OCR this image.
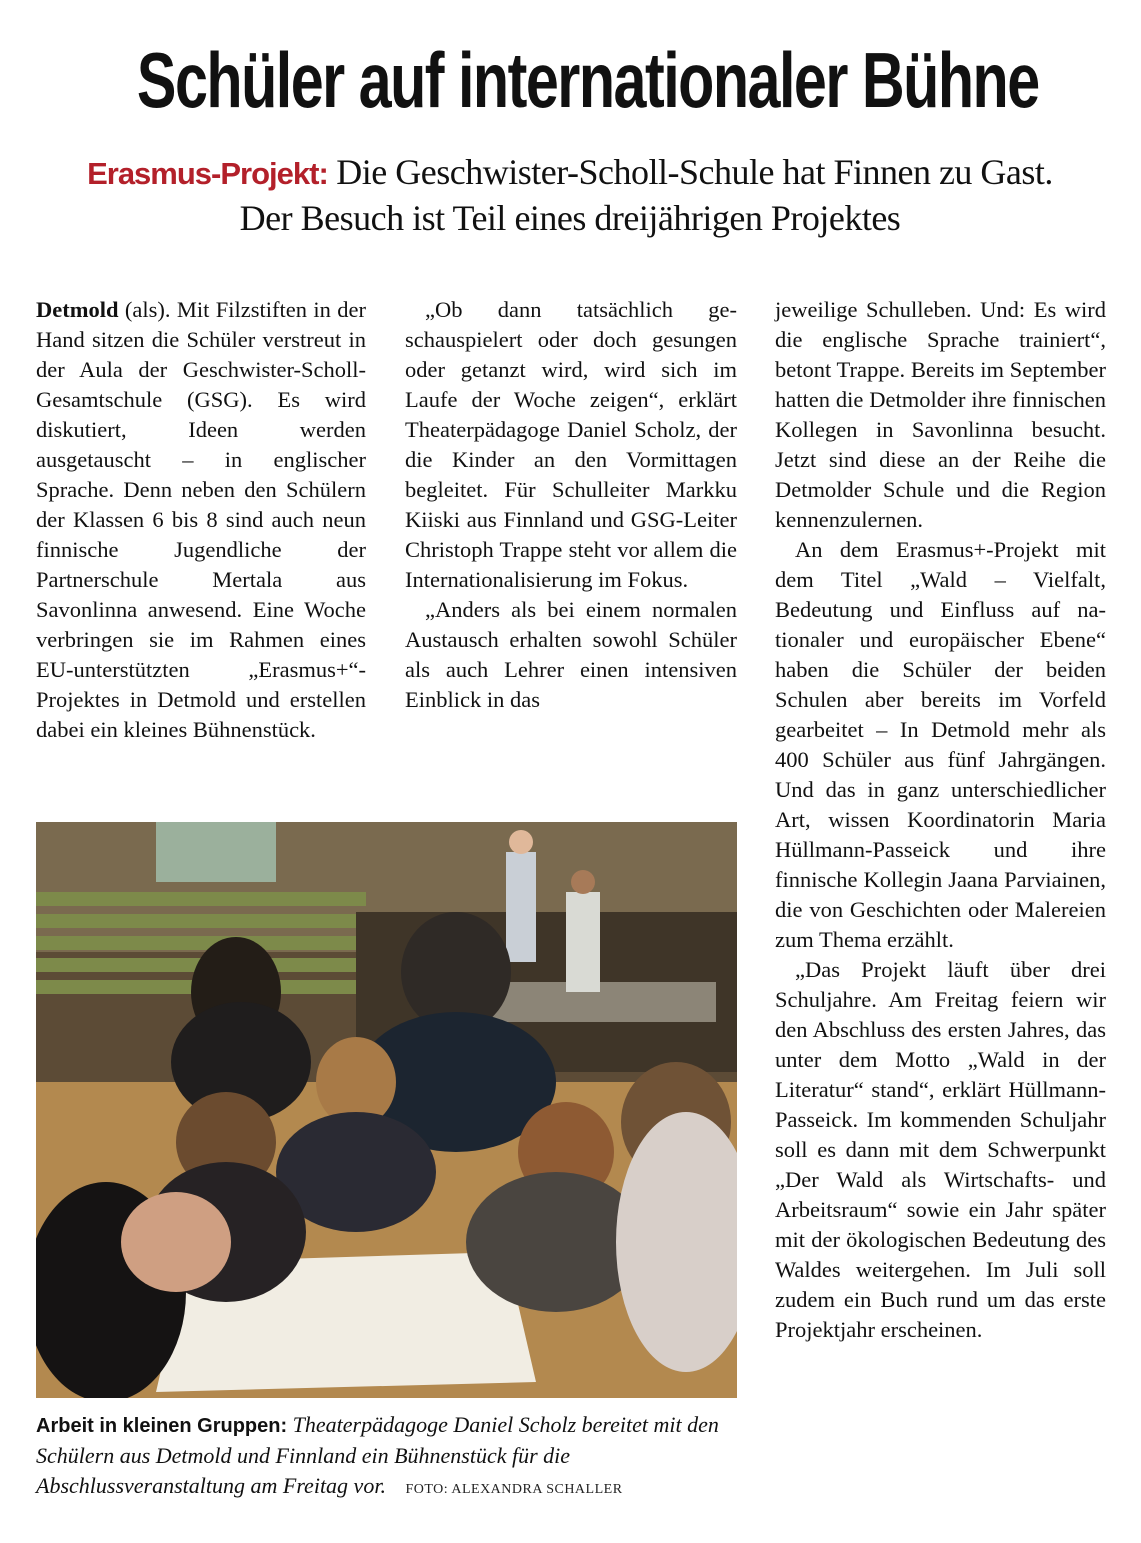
Schüler auf internationaler Bühne
Erasmus-Projekt: Die Geschwister-Scholl-Schule hat Finnen zu Gast.
Der Besuch ist Teil eines dreijährigen Projektes

Detmold (als). Mit Filzstiften in der Hand sitzen die Schüler verstreut in der Aula der Geschwister-Scholl-Gesamtschule (GSG). Es wird diskutiert, Ideen werden ausgetauscht – in englischer Sprache. Denn neben den Schülern der Klassen 6 bis 8 sind auch neun finnische Jugendliche der Partnerschule Mertala aus Savonlinna anwesend. Eine Woche verbringen sie im Rahmen eines EU-unterstützten „Erasmus+“-Projektes in Detmold und erstellen dabei ein kleines Bühnenstück.

„Ob dann tatsächlich geschauspielert oder doch gesungen oder getanzt wird, wird sich im Laufe der Woche zeigen“, erklärt Theaterpädagoge Daniel Scholz, der die Kinder an den Vormittagen begleitet. Für Schulleiter Markku Kiiski aus Finnland und GSG-Leiter Christoph Trappe steht vor allem die Internationalisierung im Fokus.

„Anders als bei einem normalen Austausch erhalten sowohl Schüler als auch Lehrer einen intensiven Einblick in das

jeweilige Schulleben. Und: Es wird die englische Sprache trainiert“, betont Trappe. Bereits im September hatten die Detmolder ihre finnischen Kollegen in Savonlinna besucht. Jetzt sind diese an der Reihe die Detmolder Schule und die Region kennenzulernen.

An dem Erasmus+-Projekt mit dem Titel „Wald – Vielfalt, Bedeutung und Einfluss auf nationaler und europäischer Ebene“ haben die Schüler der beiden Schulen aber bereits im Vorfeld gearbeitet – In Detmold mehr als 400 Schüler aus fünf Jahrgängen. Und das in ganz unterschiedlicher Art, wissen Koordinatorin Maria Hüllmann-Passeick und ihre finnische Kollegin Jaana Parviainen, die von Geschichten oder Malereien zum Thema erzählt.

„Das Projekt läuft über drei Schuljahre. Am Freitag feiern wir den Abschluss des ersten Jahres, das unter dem Motto „Wald in der Literatur“ stand“, erklärt Hüllmann-Passeick. Im kommenden Schuljahr soll es dann mit dem Schwerpunkt „Der Wald als Wirtschafts- und Arbeitsraum“ sowie ein Jahr später mit der ökologischen Bedeutung des Waldes weitergehen. Im Juli soll zudem ein Buch rund um das erste Projektjahr erscheinen.

Arbeit in kleinen Gruppen: Theaterpädagoge Daniel Scholz bereitet mit den Schülern aus Detmold und Finnland ein Bühnenstück für die Abschlussveranstaltung am Freitag vor. FOTO: ALEXANDRA SCHALLER
